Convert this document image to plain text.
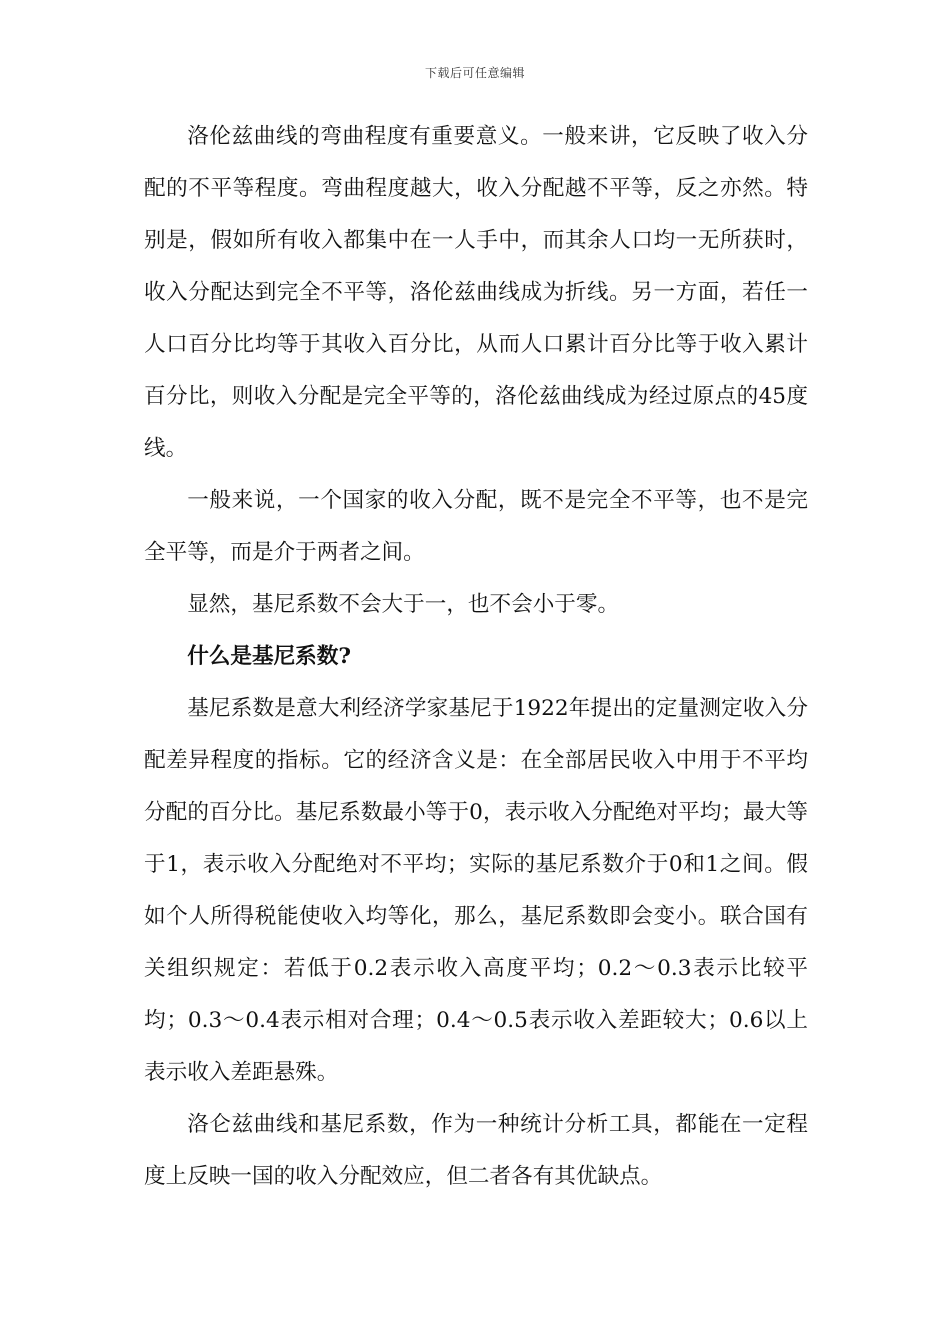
下载后可任意编辑

洛伦兹曲线的弯曲程度有重要意义。一般来讲，它反映了收入分配的不平等程度。弯曲程度越大，收入分配越不平等，反之亦然。特别是，假如所有收入都集中在一人手中，而其余人口均一无所获时，收入分配达到完全不平等，洛伦兹曲线成为折线。另一方面，若任一人口百分比均等于其收入百分比，从而人口累计百分比等于收入累计百分比，则收入分配是完全平等的，洛伦兹曲线成为经过原点的45度线。

一般来说，一个国家的收入分配，既不是完全不平等，也不是完全平等，而是介于两者之间。

显然，基尼系数不会大于一，也不会小于零。

什么是基尼系数?

基尼系数是意大利经济学家基尼于1922年提出的定量测定收入分配差异程度的指标。它的经济含义是：在全部居民收入中用于不平均分配的百分比。基尼系数最小等于0，表示收入分配绝对平均；最大等于1，表示收入分配绝对不平均；实际的基尼系数介于0和1之间。假如个人所得税能使收入均等化，那么，基尼系数即会变小。联合国有关组织规定：若低于0.2表示收入高度平均；0.2～0.3表示比较平均；0.3～0.4表示相对合理；0.4～0.5表示收入差距较大；0.6以上表示收入差距悬殊。

洛仑兹曲线和基尼系数，作为一种统计分析工具，都能在一定程度上反映一国的收入分配效应，但二者各有其优缺点。
